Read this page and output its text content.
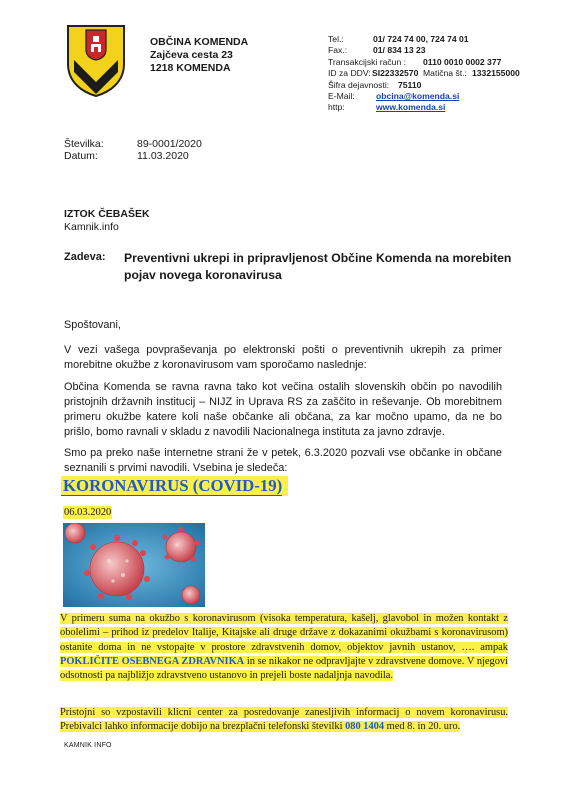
OBČINA KOMENDA
Zajčeva cesta 23
1218 KOMENDA
Tel.:	01/ 724 74 00, 724 74 01
Fax.:	01/ 834 13 23
Transakcijski račun : 0110 0010 0002 377
ID za DDV: SI22332570 Matična št.: 1332155000
Šifra dejavnosti: 75110
E-Mail: obcina@komenda.si
http:	www.komenda.si
Številka:	89-0001/2020
Datum:	11.03.2020
IZTOK ČEBAŠEK
Kamnik.info
Zadeva: Preventivni ukrepi in pripravljenost Občine Komenda na morebiten pojav novega koronavirusa
Spoštovani,
V vezi vašega povpraševanja po elektronski pošti o preventivnih ukrepih za primer morebitne okužbe z koronavirusom vam sporočamo naslednje:
Občina Komenda se ravna ravna tako kot večina ostalih slovenskih občin po navodilih pristojnih državnih institucij – NIJZ in Uprava RS za zaščito in reševanje. Ob morebitnem primeru okužbe katere koli naše občanke ali občana, za kar močno upamo, da ne bo prišlo, bomo ravnali v skladu z navodili Nacionalnega instituta za javno zdravje.
Smo pa preko naše internetne strani že v petek, 6.3.2020 pozvali vse občanke in občane seznanili s prvimi navodili. Vsebina je sledeča:
KORONAVIRUS (COVID-19)
06.03.2020
V primeru suma na okužbo s koronavirusom (visoka temperatura, kašelj, glavobol in možen kontakt z obolelimi – prihod iz predelov Italije, Kitajske ali druge države z dokazanimi okužbami s koronavirusom) ostanite doma in ne vstopajte v prostore zdravstvenih domov, objektov javnih ustanov, …. ampak POKLIČITE OSEBNEGA ZDRAVNIKA in se nikakor ne odpravljajte v zdravstvene domove. V njegovi odsotnosti pa najbližjo zdravstveno ustanovo in prejeli boste nadaljnja navodila.
Pristojni so vzpostavili klicni center za posredovanje zanesljivih informacij o novem koronavirusu. Prebivalci lahko informacije dobijo na brezplačni telefonski številki 080 1404 med 8. in 20. uro.
KAMNIK INFO
